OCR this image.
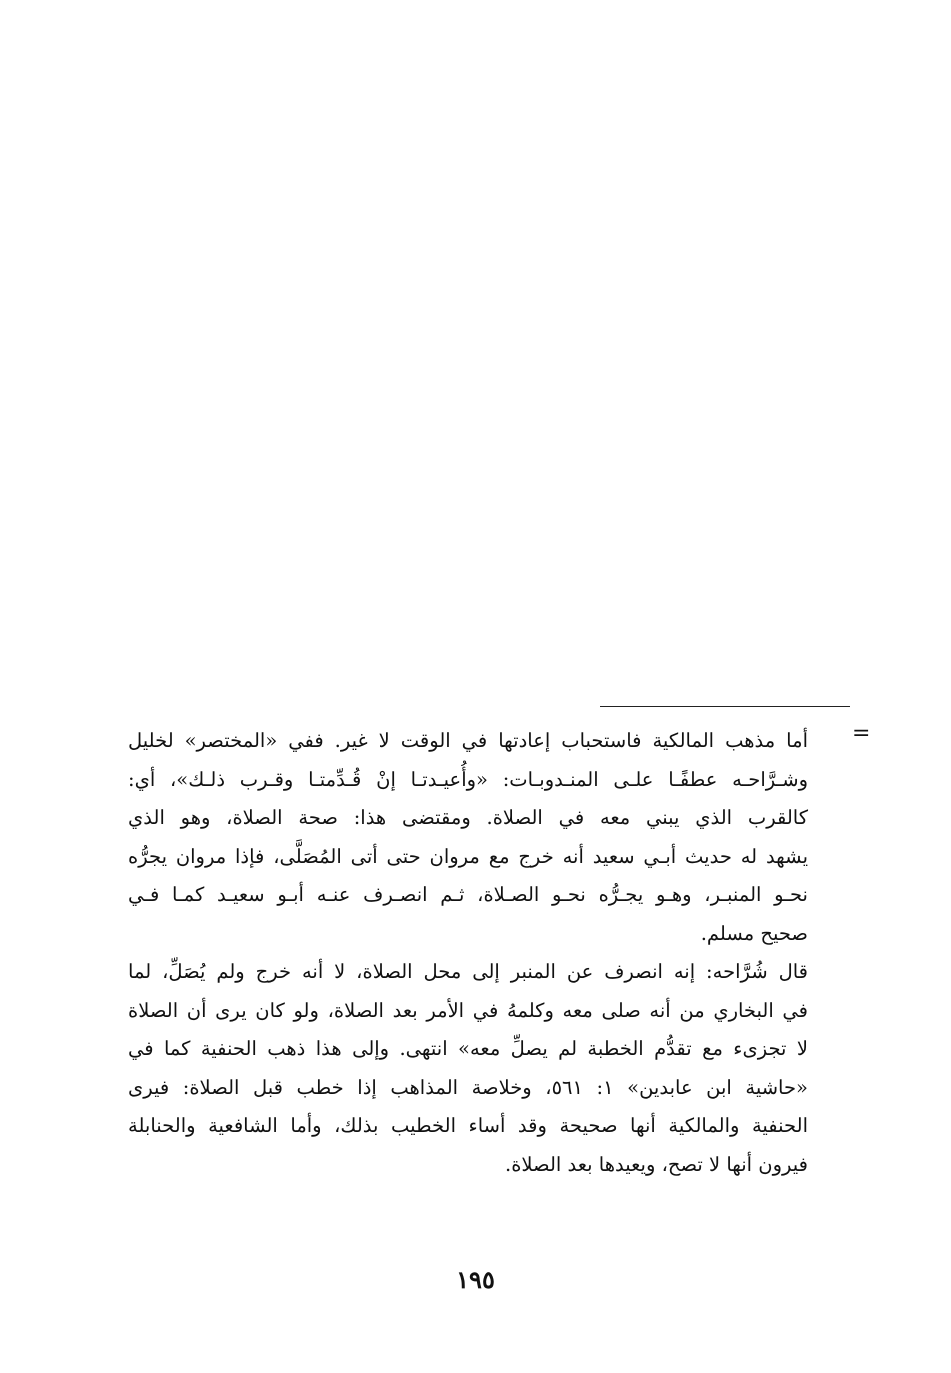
=
أما مذهب المالكية فاستحباب إعادتها في الوقت لا غير. ففي «المختصر» لخليل
وشـرَّاحـه عطفًـا علـى المنـدوبـات: «وأُعيـدتـا إنْ قُـدِّمتـا وقـرب ذلـك»، أي:
كالقرب الذي يبني معه في الصلاة. ومقتضى هذا: صحة الصلاة، وهو الذي
يشهد له حديث أبـي سعيد أنه خرج مع مروان حتى أتى المُصَلَّى، فإذا مروان يجرُّه
نحـو المنبـر، وهـو يجـرُّه نحـو الصـلاة، ثـم انصـرف عنـه أبـو سعيـد كمـا فـي
صحيح مسلم.
قال شُرَّاحه: إنه انصرف عن المنبر إلى محل الصلاة، لا أنه خرج ولم يُصَلِّ، لما
في البخاري من أنه صلى معه وكلمهُ في الأمر بعد الصلاة، ولو كان يرى أن الصلاة
لا تجزىء مع تقدُّم الخطبة لم يصلِّ معه» انتهى. وإلى هذا ذهب الحنفية كما في
«حاشية ابن عابدين» ١: ٥٦١، وخلاصة المذاهب إذا خطب قبل الصلاة: فيرى
الحنفية والمالكية أنها صحيحة وقد أساء الخطيب بذلك، وأما الشافعية والحنابلة
فيرون أنها لا تصح، ويعيدها بعد الصلاة.
١٩٥
